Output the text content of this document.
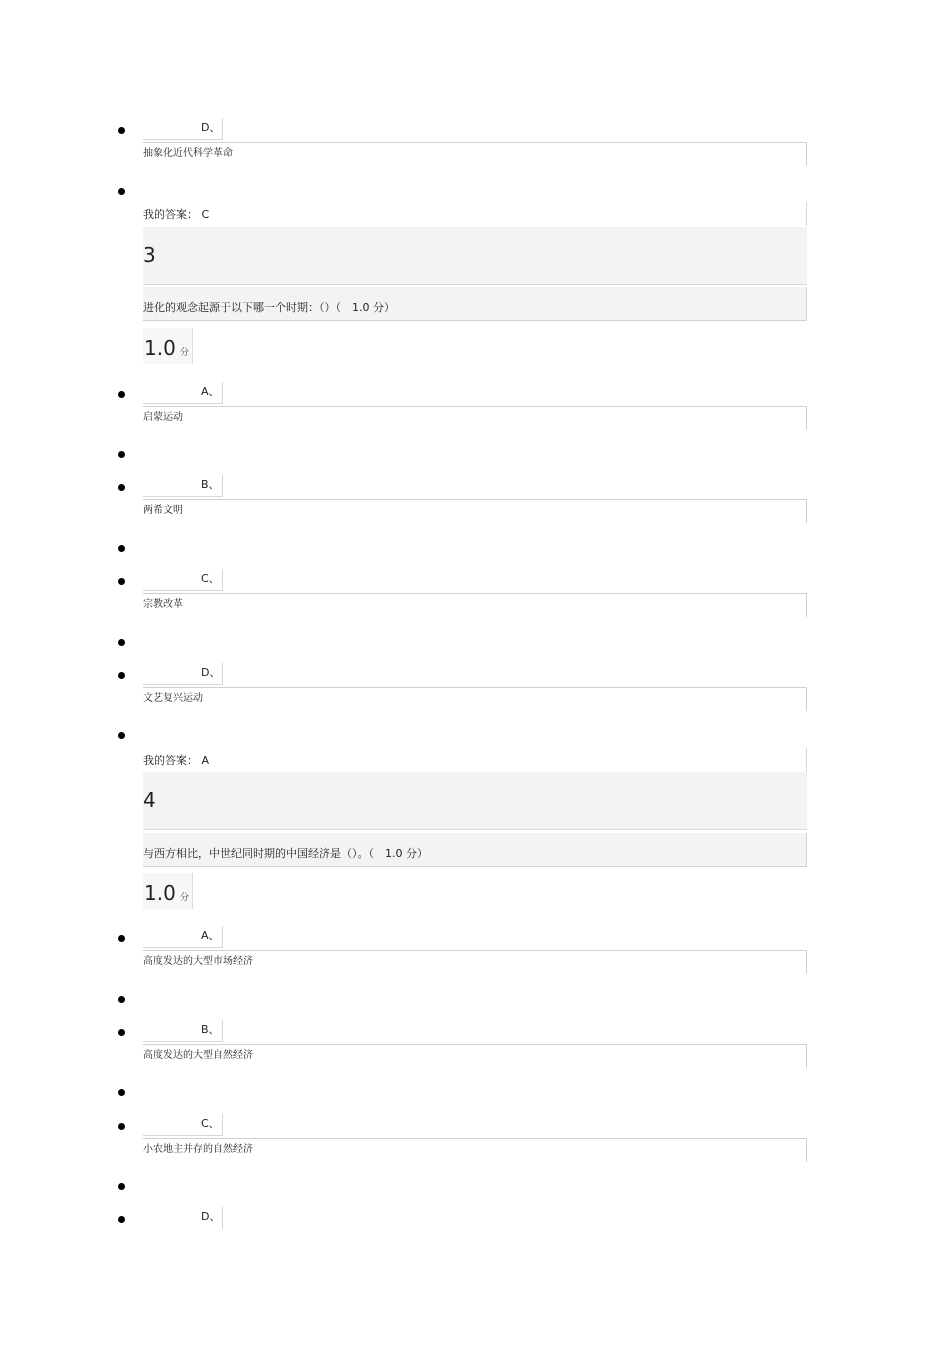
D、
抽象化近代科学革命
我的答案： C
3
进化的观念起源于以下哪一个时期：（）（　1.0 分）
1.0 分
A、
启蒙运动
B、
两希文明
C、
宗教改革
D、
文艺复兴运动
我的答案： A
4
与西方相比，中世纪同时期的中国经济是（）。（　1.0 分）
1.0 分
A、
高度发达的大型市场经济
B、
高度发达的大型自然经济
C、
小农地主并存的自然经济
D、
